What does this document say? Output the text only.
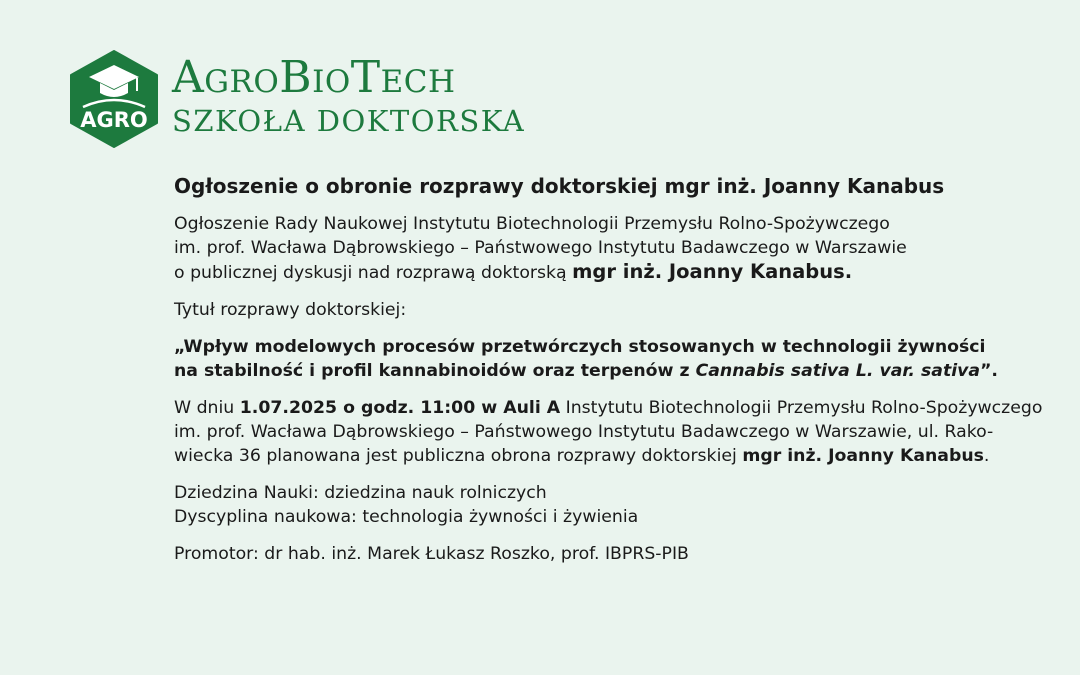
AGRO
AgroBioTech
SZKOŁA DOKTORSKA
Ogłoszenie o obronie rozprawy doktorskiej mgr inż. Joanny Kanabus
Ogłoszenie Rady Naukowej Instytutu Biotechnologii Przemysłu Rolno-Spożywczego
im. prof. Wacława Dąbrowskiego – Państwowego Instytutu Badawczego w Warszawie
o publicznej dyskusji nad rozprawą doktorską mgr inż. Joanny Kanabus.
Tytuł rozprawy doktorskiej:
„Wpływ modelowych procesów przetwórczych stosowanych w technologii żywności
na stabilność i profil kannabinoidów oraz terpenów z Cannabis sativa L. var. sativa”.
W dniu 1.07.2025 o godz. 11:00 w Auli A Instytutu Biotechnologii Przemysłu Rolno-Spożywczego
im. prof. Wacława Dąbrowskiego – Państwowego Instytutu Badawczego w Warszawie, ul. Rako-
wiecka 36 planowana jest publiczna obrona rozprawy doktorskiej mgr inż. Joanny Kanabus.
Dziedzina Nauki: dziedzina nauk rolniczych
Dyscyplina naukowa: technologia żywności i żywienia
Promotor: dr hab. inż. Marek Łukasz Roszko, prof. IBPRS-PIB
